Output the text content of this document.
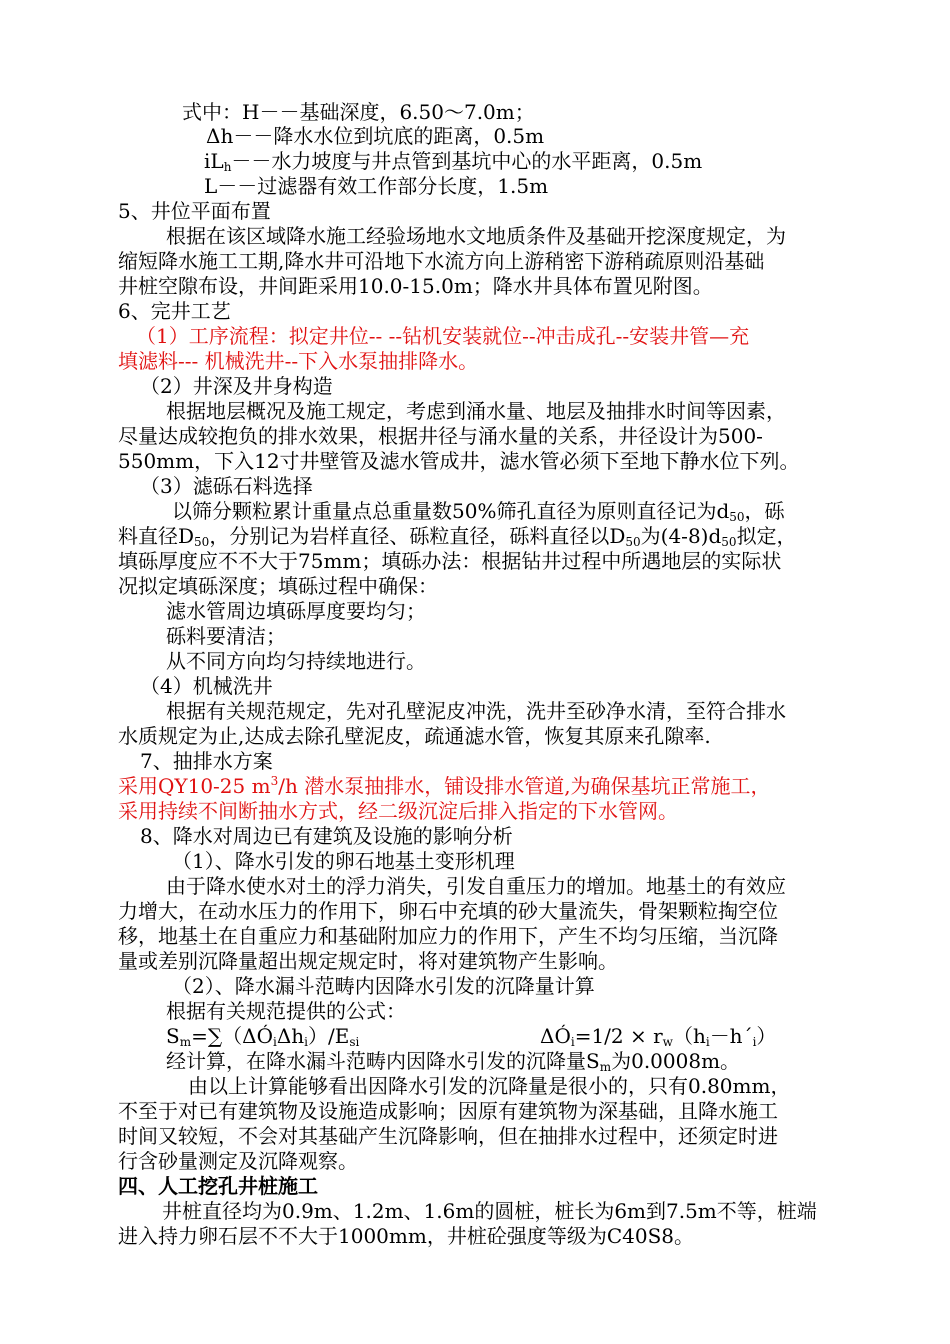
式中：H－－基础深度，6.50～7.0m；
Δh－－降水水位到坑底的距离，0.5m
$iL_h--$水力坡度与井点管到基坑中心的水平距离，0.5m
L－－过滤器有效工作部分长度，1.5m
5、井位平面布置
根据在该区域降水施工经验场地水文地质条件及基础开挖深度规定，为
缩短降水施工工期,降水井可沿地下水流方向上游稍密下游稍疏原则沿基础
井桩空隙布设，井间距采用10.0-15.0m；降水井具体布置见附图。
6、完井工艺
（1）工序流程：拟定井位-- --钻机安装就位--冲击成孔--安装井管—充
填滤料--- 机械洗井--下入水泵抽排降水。
（2）井深及井身构造
根据地层概况及施工规定，考虑到涌水量、地层及抽排水时间等因素，
尽量达成较抱负的排水效果，根据井径与涌水量的关系，井径设计为500-
550mm，下入12寸井壁管及滤水管成井，滤水管必须下至地下静水位下列。
（3）滤砾石料选择
以筛分颗粒累计重量点总重量数50%筛孔直径为原则直径记为$d_{50}$，砾
料直径$D_{50}$，分别记为岩样直径、砾粒直径，砾料直径以$D_{50}$为$(4-8)d_{50}$拟定，
填砾厚度应不不大于75mm；填砾办法：根据钻井过程中所遇地层的实际状
况拟定填砾深度；填砾过程中确保：
滤水管周边填砾厚度要均匀；
砾料要清洁；
从不同方向均匀持续地进行。
（4）机械洗井
根据有关规范规定，先对孔壁泥皮冲洗，洗井至砂净水清，至符合排水
水质规定为止,达成去除孔壁泥皮，疏通滤水管，恢复其原来孔隙率.
7、抽排水方案
采用QY10-25 $m^3/h$ 潜水泵抽排水，铺设排水管道,为确保基坑正常施工，
采用持续不间断抽水方式，经二级沉淀后排入指定的下水管网。
8、降水对周边已有建筑及设施的影响分析
（1）、降水引发的卵石地基土变形机理
由于降水使水对土的浮力消失，引发自重压力的增加。地基土的有效应
力增大，在动水压力的作用下，卵石中充填的砂大量流失，骨架颗粒掏空位
移，地基土在自重应力和基础附加应力的作用下，产生不均匀压缩，当沉降
量或差别沉降量超出规定规定时，将对建筑物产生影响。
（2）、降水漏斗范畴内因降水引发的沉降量计算
根据有关规范提供的公式：
$S_m=\sum(\Delta Ó_i\Delta h_i)/E_{si}$	$\Delta Ó_i=1/2$ × $r_w(h_i-h´_i)$
经计算，在降水漏斗范畴内因降水引发的沉降量$S_m$为0.0008m。
由以上计算能够看出因降水引发的沉降量是很小的，只有0.80mm，
不至于对已有建筑物及设施造成影响；因原有建筑物为深基础，且降水施工
时间又较短，不会对其基础产生沉降影响，但在抽排水过程中，还须定时进
行含砂量测定及沉降观察。
四、人工挖孔井桩施工
井桩直径均为0.9m、1.2m、1.6m的圆桩，桩长为6m到7.5m不等，桩端
进入持力卵石层不不大于1000mm，井桩砼强度等级为C40S8。
